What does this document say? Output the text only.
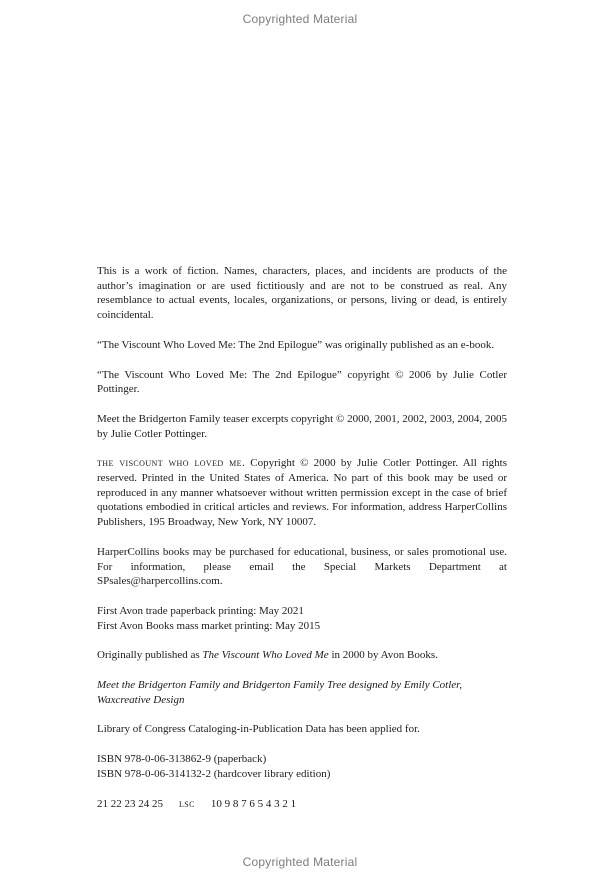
Copyrighted Material

This is a work of fiction. Names, characters, places, and incidents are products of the author’s imagination or are used fictitiously and are not to be construed as real. Any resemblance to actual events, locales, organizations, or persons, living or dead, is entirely coincidental.

“The Viscount Who Loved Me: The 2nd Epilogue” was originally published as an e-book.

“The Viscount Who Loved Me: The 2nd Epilogue” copyright © 2006 by Julie Cotler Pottinger.

Meet the Bridgerton Family teaser excerpts copyright © 2000, 2001, 2002, 2003, 2004, 2005 by Julie Cotler Pottinger.

the viscount who loved me. Copyright © 2000 by Julie Cotler Pottinger. All rights reserved. Printed in the United States of America. No part of this book may be used or reproduced in any manner whatsoever without written permission except in the case of brief quotations embodied in critical articles and reviews. For information, address HarperCollins Publishers, 195 Broadway, New York, NY 10007.

HarperCollins books may be purchased for educational, business, or sales promotional use. For information, please email the Special Markets Department at SPsales@harpercollins.com.

First Avon trade paperback printing: May 2021
First Avon Books mass market printing: May 2015

Originally published as The Viscount Who Loved Me in 2000 by Avon Books.

Meet the Bridgerton Family and Bridgerton Family Tree designed by Emily Cotler, Waxcreative Design

Library of Congress Cataloging-in-Publication Data has been applied for.

ISBN 978-0-06-313862-9 (paperback)
ISBN 978-0-06-314132-2 (hardcover library edition)

21 22 23 24 25 lsc 10 9 8 7 6 5 4 3 2 1

Copyrighted Material
